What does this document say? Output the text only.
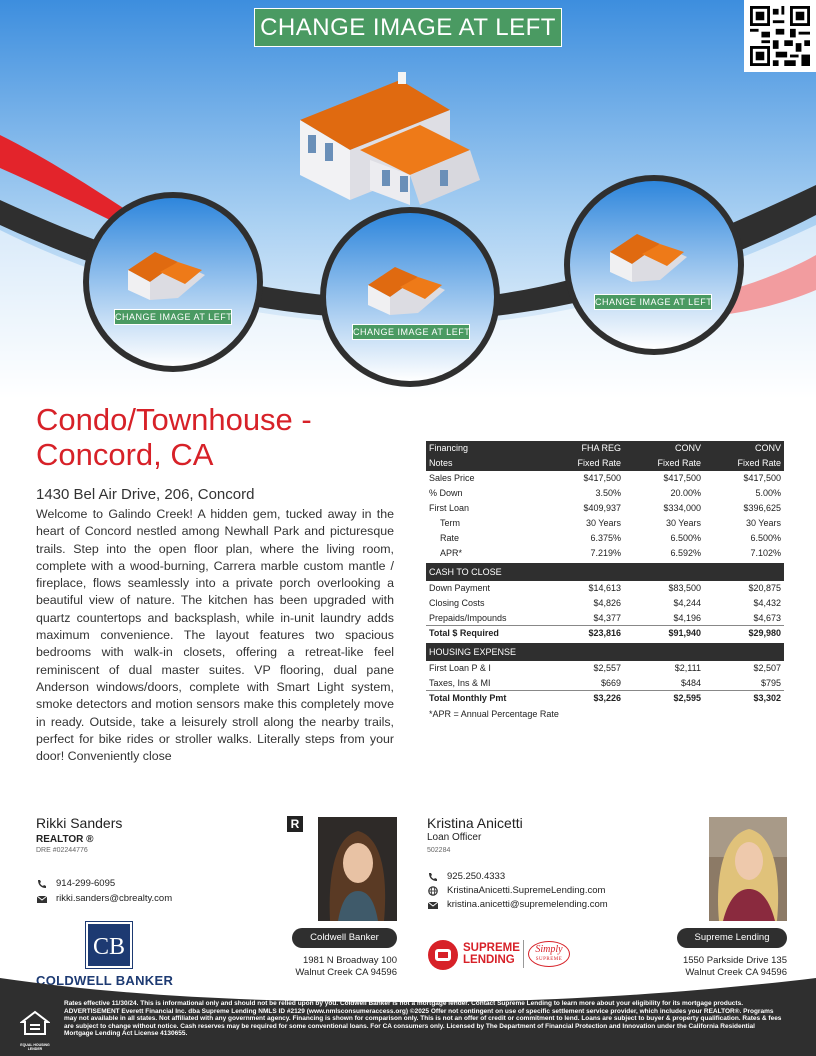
CHANGE IMAGE AT LEFT
CHANGE IMAGE AT LEFT
CHANGE IMAGE AT LEFT
CHANGE IMAGE AT LEFT
Condo/Townhouse - Concord, CA
1430 Bel Air Drive, 206, Concord

Welcome to Galindo Creek! A hidden gem, tucked away in the heart of Concord nestled among Newhall Park and picturesque trails. Step into the open floor plan, where the living room, complete with a wood-burning, Carrera marble custom mantle / fireplace, flows seamlessly into a private porch overlooking a beautiful view of nature. The kitchen has been upgraded with quartz countertops and backsplash, while in-unit laundry adds maximum convenience. The layout features two spacious bedrooms with walk-in closets, offering a retreat-like feel reminiscent of dual master suites. VP flooring, dual pane Anderson windows/doors, complete with Smart Light system, smoke detectors and motion sensors make this completely move in ready. Outside, take a leisurely stroll along the nearby trails, perfect for bike rides or stroller walks. Literally steps from your door! Conveniently close

Financing	FHA REG	CONV	CONV
Notes	Fixed Rate	Fixed Rate	Fixed Rate
Sales Price	$417,500	$417,500	$417,500
% Down	3.50%	20.00%	5.00%
First Loan	$409,937	$334,000	$396,625
Term	30 Years	30 Years	30 Years
Rate	6.375%	6.500%	6.500%
APR*	7.219%	6.592%	7.102%
CASH TO CLOSE
Down Payment	$14,613	$83,500	$20,875
Closing Costs	$4,826	$4,244	$4,432
Prepaids/Impounds	$4,377	$4,196	$4,673
Total $ Required	$23,816	$91,940	$29,980
HOUSING EXPENSE
First Loan P & I	$2,557	$2,111	$2,507
Taxes, Ins & MI	$669	$484	$795
Total Monthly Pmt	$3,226	$2,595	$3,302
*APR = Annual Percentage Rate
Rikki Sanders
REALTOR ®
DRE #02244776
914-299-6095
rikki.sanders@cbrealty.com
R
Coldwell Banker
1981 N Broadway 100
Walnut Creek CA 94596
CB
COLDWELL BANKER
Kristina Anicetti
Loan Officer
502284
925.250.4333
KristinaAnicetti.SupremeLending.com
kristina.anicetti@supremelending.com
Supreme Lending
1550 Parkside Drive 135
Walnut Creek CA 94596
SUPREME
LENDING
Simply
SUPREME
EQUAL HOUSING LENDER
Rates effective 11/30/24. This is informational only and should not be relied upon by you. Coldwell Banker is not a mortgage lender. Contact Supreme Lending to learn more about your eligibility for its mortgage products. ADVERTISEMENT Everett Financial Inc. dba Supreme Lending NMLS ID #2129 (www.nmlsconsumeraccess.org) ©2025 Offer not contingent on use of specific settlement service provider, which includes your REALTOR®. Programs may not available in all states. Not affiliated with any government agency. Financing is shown for comparison only. This is not an offer of credit or commitment to lend. Loans are subject to buyer & property qualification. Rates & fees are subject to change without notice. Cash reserves may be required for some conventional loans. For CA consumers only. Licensed by The Department of Financial Protection and Innovation under the California Residential Mortgage Lending Act License 4130655.
